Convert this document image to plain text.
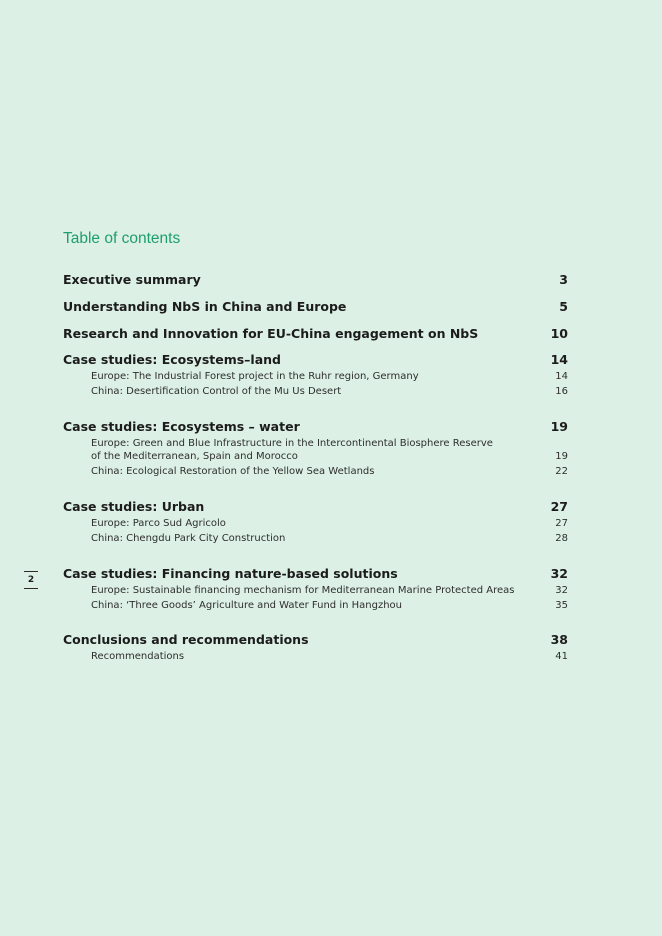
Table of contents
2
Executive summary	3
Understanding NbS in China and Europe	5
Research and Innovation for EU-China engagement on NbS	10
Case studies: Ecosystems–land	14
Europe: The Industrial Forest project in the Ruhr region, Germany	14
China: Desertification Control of the Mu Us Desert	16
Case studies: Ecosystems – water	19
Europe: Green and Blue Infrastructure in the Intercontinental Biosphere Reserve
of the Mediterranean, Spain and Morocco	19
China: Ecological Restoration of the Yellow Sea Wetlands	22
Case studies: Urban	27
Europe: Parco Sud Agricolo	27
China: Chengdu Park City Construction	28
Case studies: Financing nature-based solutions	32
Europe: Sustainable financing mechanism for Mediterranean Marine Protected Areas	32
China: ‘Three Goods’ Agriculture and Water Fund in Hangzhou	35
Conclusions and recommendations	38
Recommendations	41
